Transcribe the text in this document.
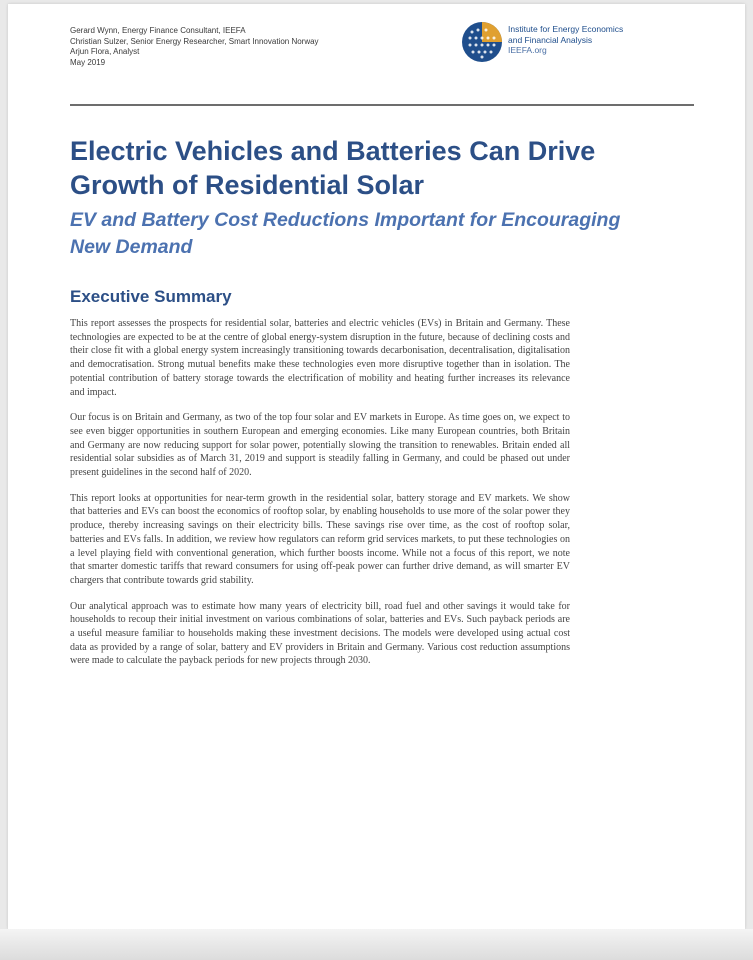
Gerard Wynn, Energy Finance Consultant, IEEFA
Christian Sulzer, Senior Energy Researcher, Smart Innovation Norway
Arjun Flora, Analyst
May 2019
Institute for Energy Economics
and Financial Analysis
IEEFA.org
Electric Vehicles and Batteries Can Drive Growth of Residential Solar
EV and Battery Cost Reductions Important for Encouraging New Demand
Executive Summary

This report assesses the prospects for residential solar, batteries and electric vehicles (EVs) in Britain and Germany. These technologies are expected to be at the centre of global energy-system disruption in the future, because of declining costs and their close fit with a global energy system increasingly transitioning towards decarbonisation, decentralisation, digitalisation and democratisation. Strong mutual benefits make these technologies even more disruptive together than in isolation. The potential contribution of battery storage towards the electrification of mobility and heating further increases its relevance and impact.

Our focus is on Britain and Germany, as two of the top four solar and EV markets in Europe. As time goes on, we expect to see even bigger opportunities in southern European and emerging economies. Like many European countries, both Britain and Germany are now reducing support for solar power, potentially slowing the transition to renewables. Britain ended all residential solar subsidies as of March 31, 2019 and support is steadily falling in Germany, and could be phased out under present guidelines in the second half of 2020.

This report looks at opportunities for near-term growth in the residential solar, battery storage and EV markets. We show that batteries and EVs can boost the economics of rooftop solar, by enabling households to use more of the solar power they produce, thereby increasing savings on their electricity bills. These savings rise over time, as the cost of rooftop solar, batteries and EVs falls. In addition, we review how regulators can reform grid services markets, to put these technologies on a level playing field with conventional generation, which further boosts income. While not a focus of this report, we note that smarter domestic tariffs that reward consumers for using off-peak power can further drive demand, as will smarter EV chargers that contribute towards grid stability.

Our analytical approach was to estimate how many years of electricity bill, road fuel and other savings it would take for households to recoup their initial investment on various combinations of solar, batteries and EVs. Such payback periods are a useful measure familiar to households making these investment decisions. The models were developed using actual cost data as provided by a range of solar, battery and EV providers in Britain and Germany. Various cost reduction assumptions were made to calculate the payback periods for new projects through 2030.
